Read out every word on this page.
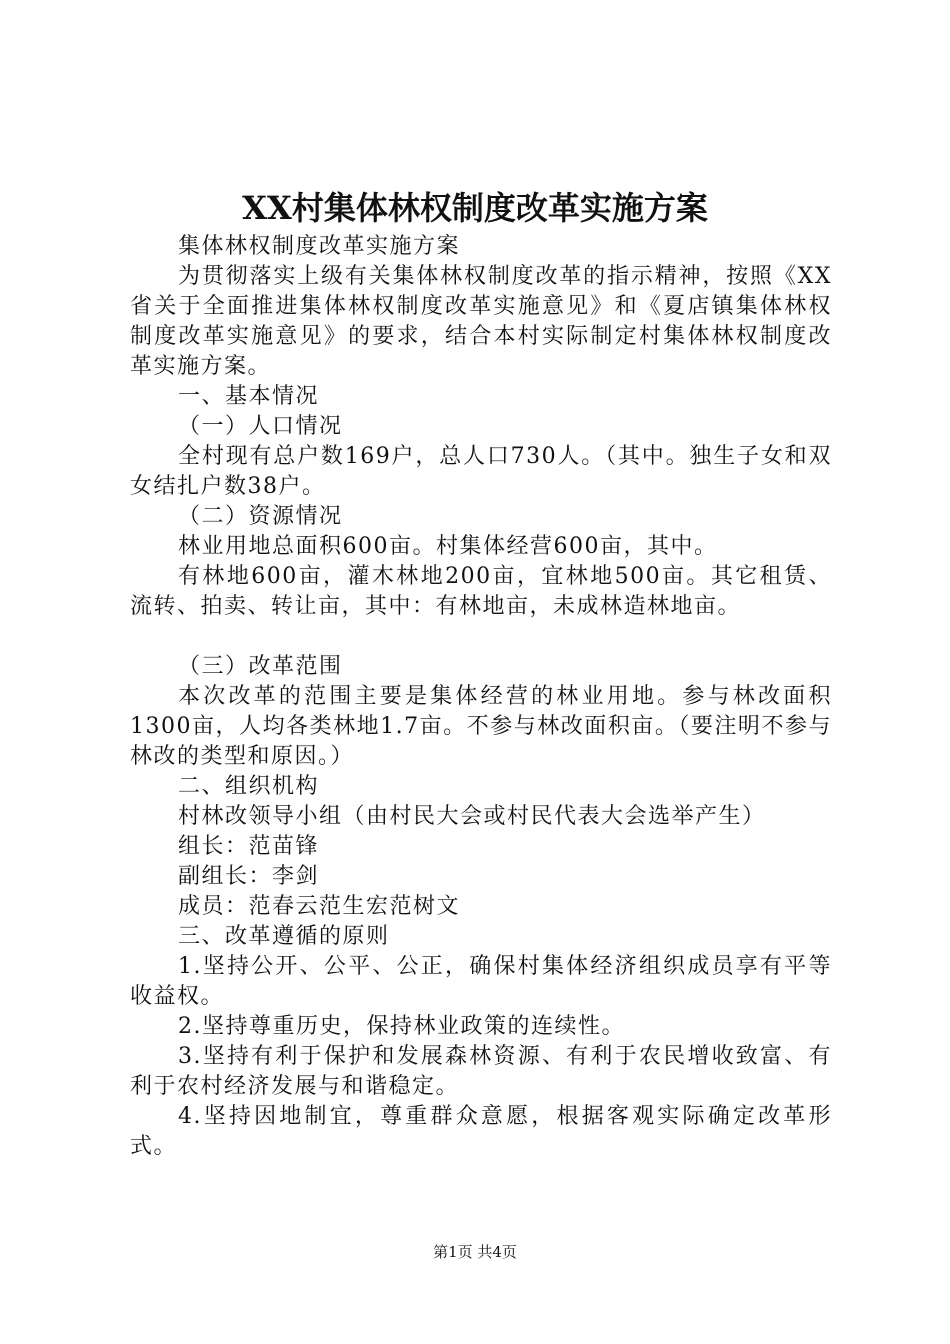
XX村集体林权制度改革实施方案

集体林权制度改革实施方案

为贯彻落实上级有关集体林权制度改革的指示精神，按照《XX省关于全面推进集体林权制度改革实施意见》和《夏店镇集体林权制度改革实施意见》的要求，结合本村实际制定村集体林权制度改革实施方案。

一、基本情况

（一）人口情况

全村现有总户数169户，总人口730人。（其中。独生子女和双女结扎户数38户。

（二）资源情况

林业用地总面积600亩。村集体经营600亩，其中。

有林地600亩，灌木林地200亩，宜林地500亩。其它租赁、流转、拍卖、转让亩，其中：有林地亩，未成林造林地亩。

（三）改革范围

本次改革的范围主要是集体经营的林业用地。参与林改面积1300亩，人均各类林地1.7亩。不参与林改面积亩。（要注明不参与林改的类型和原因。）

二、组织机构

村林改领导小组（由村民大会或村民代表大会选举产生）

组长：范苗锋

副组长：李剑

成员：范春云范生宏范树文

三、改革遵循的原则

1.坚持公开、公平、公正，确保村集体经济组织成员享有平等收益权。

2.坚持尊重历史，保持林业政策的连续性。

3.坚持有利于保护和发展森林资源、有利于农民增收致富、有利于农村经济发展与和谐稳定。

4.坚持因地制宜，尊重群众意愿，根据客观实际确定改革形式。

第1页 共4页
